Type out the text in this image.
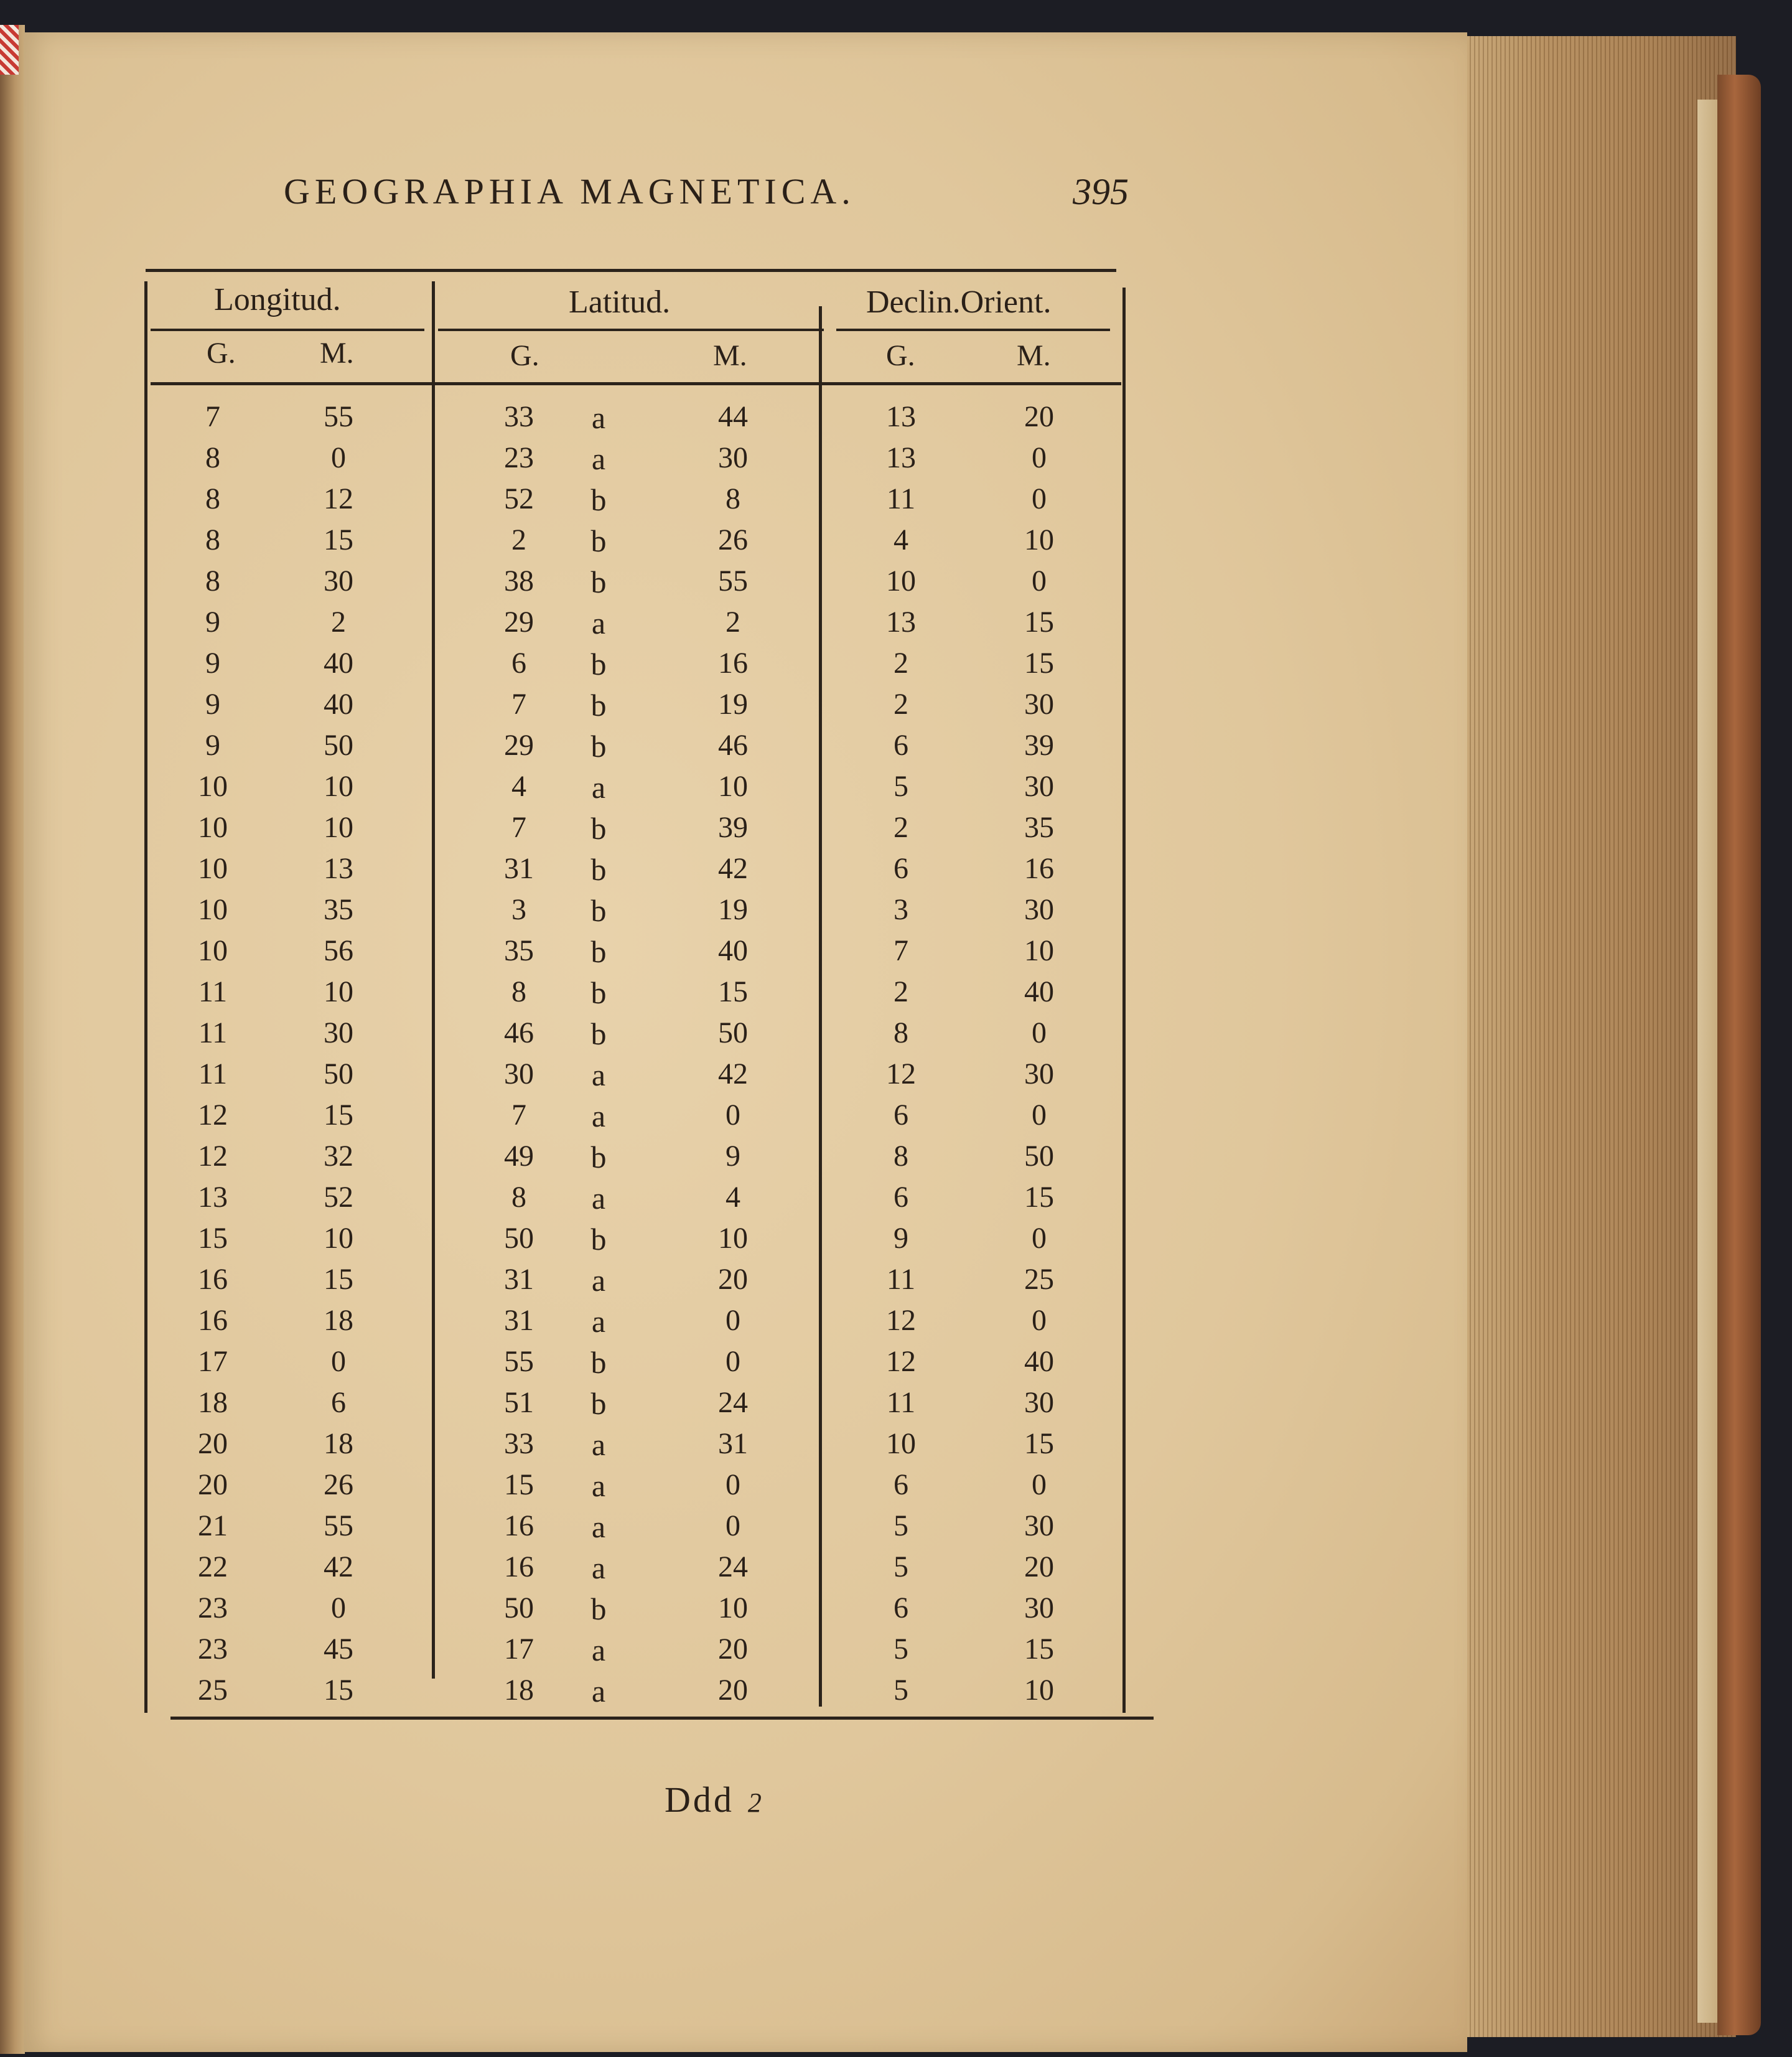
GEOGRAPHIA MAGNETICA.	395
Longitud.	Latitud.	Declin.Orient.
G.	M.	G.	M.	G.	M.
7	55	33	a	44	13	20
8	0	23	a	30	13	0
8	12	52	b	8	11	0
8	15	2	b	26	4	10
8	30	38	b	55	10	0
9	2	29	a	2	13	15
9	40	6	b	16	2	15
9	40	7	b	19	2	30
9	50	29	b	46	6	39
10	10	4	a	10	5	30
10	10	7	b	39	2	35
10	13	31	b	42	6	16
10	35	3	b	19	3	30
10	56	35	b	40	7	10
11	10	8	b	15	2	40
11	30	46	b	50	8	0
11	50	30	a	42	12	30
12	15	7	a	0	6	0
12	32	49	b	9	8	50
13	52	8	a	4	6	15
15	10	50	b	10	9	0
16	15	31	a	20	11	25
16	18	31	a	0	12	0
17	0	55	b	0	12	40
18	6	51	b	24	11	30
20	18	33	a	31	10	15
20	26	15	a	0	6	0
21	55	16	a	0	5	30
22	42	16	a	24	5	20
23	0	50	b	10	6	30
23	45	17	a	20	5	15
25	15	18	a	20	5	10
Ddd 2
